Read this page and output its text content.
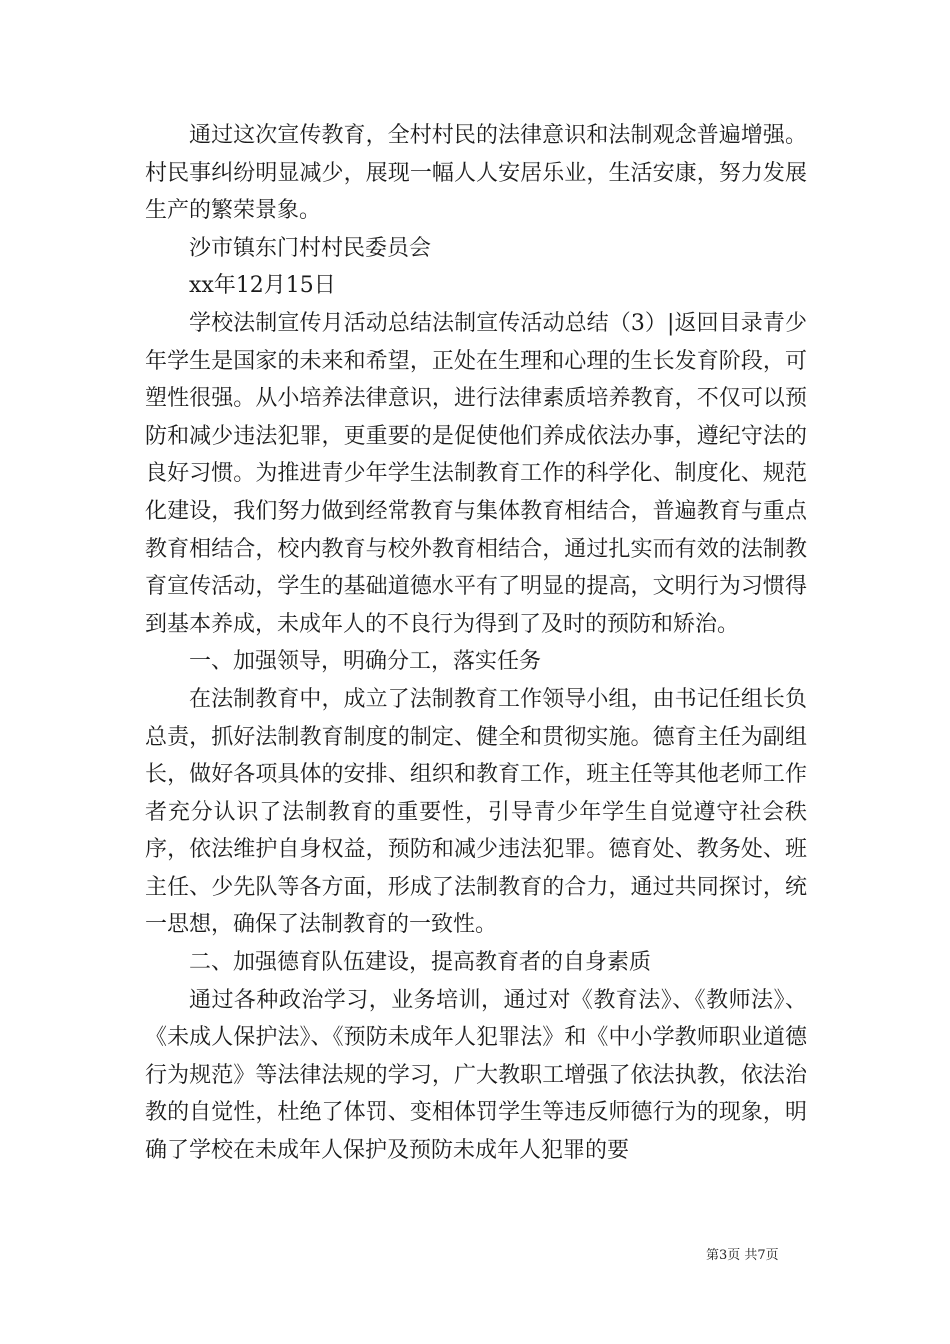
通过这次宣传教育，全村村民的法律意识和法制观念普遍增强。村民事纠纷明显减少，展现一幅人人安居乐业，生活安康，努力发展生产的繁荣景象。

沙市镇东门村村民委员会

xx年12月15日

学校法制宣传月活动总结法制宣传活动总结（3）|返回目录青少年学生是国家的未来和希望，正处在生理和心理的生长发育阶段，可塑性很强。从小培养法律意识，进行法律素质培养教育，不仅可以预防和减少违法犯罪，更重要的是促使他们养成依法办事，遵纪守法的良好习惯。为推进青少年学生法制教育工作的科学化、制度化、规范化建设，我们努力做到经常教育与集体教育相结合，普遍教育与重点教育相结合，校内教育与校外教育相结合，通过扎实而有效的法制教育宣传活动，学生的基础道德水平有了明显的提高，文明行为习惯得到基本养成，未成年人的不良行为得到了及时的预防和矫治。

一、加强领导，明确分工，落实任务

在法制教育中，成立了法制教育工作领导小组，由书记任组长负总责，抓好法制教育制度的制定、健全和贯彻实施。德育主任为副组长，做好各项具体的安排、组织和教育工作，班主任等其他老师工作者充分认识了法制教育的重要性，引导青少年学生自觉遵守社会秩序，依法维护自身权益，预防和减少违法犯罪。德育处、教务处、班主任、少先队等各方面，形成了法制教育的合力，通过共同探讨，统一思想，确保了法制教育的一致性。

二、加强德育队伍建设，提高教育者的自身素质

通过各种政治学习，业务培训，通过对《教育法》、《教师法》、《未成人保护法》、《预防未成年人犯罪法》和《中小学教师职业道德行为规范》等法律法规的学习，广大教职工增强了依法执教，依法治教的自觉性，杜绝了体罚、变相体罚学生等违反师德行为的现象，明确了学校在未成年人保护及预防未成年人犯罪的要

第3页 共7页
